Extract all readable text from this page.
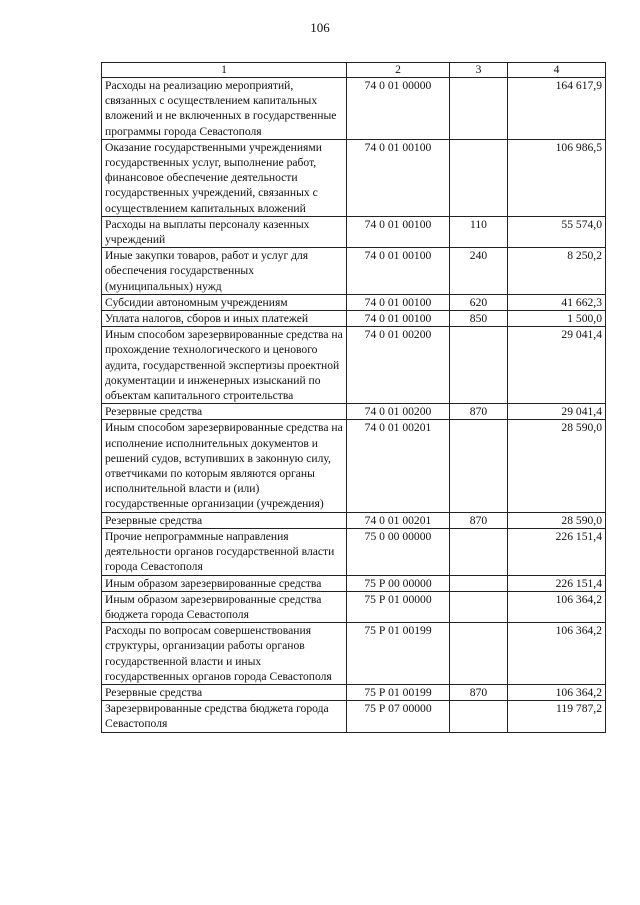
106
1	2	3	4
Расходы на реализацию мероприятий, связанных с осуществлением капитальных вложений и не включенных в государственные программы города Севастополя	74 0 01 00000		164 617,9
Оказание государственными учреждениями государственных услуг, выполнение работ, финансовое обеспечение деятельности государственных учреждений, связанных с осуществлением капитальных вложений	74 0 01 00100		106 986,5
Расходы на выплаты персоналу казенных учреждений	74 0 01 00100	110	55 574,0
Иные закупки товаров, работ и услуг для обеспечения государственных (муниципальных) нужд	74 0 01 00100	240	8 250,2
Субсидии автономным учреждениям	74 0 01 00100	620	41 662,3
Уплата налогов, сборов и иных платежей	74 0 01 00100	850	1 500,0
Иным способом зарезервированные средства на прохождение технологического и ценового аудита, государственной экспертизы проектной документации и инженерных изысканий по объектам капитального строительства	74 0 01 00200		29 041,4
Резервные средства	74 0 01 00200	870	29 041,4
Иным способом зарезервированные средства на исполнение исполнительных документов и решений судов, вступивших в законную силу, ответчиками по которым являются органы исполнительной власти и (или) государственные организации (учреждения)	74 0 01 00201		28 590,0
Резервные средства	74 0 01 00201	870	28 590,0
Прочие непрограммные направления деятельности органов государственной власти города Севастополя	75 0 00 00000		226 151,4
Иным образом зарезервированные средства	75 Р 00 00000		226 151,4
Иным образом зарезервированные средства бюджета города Севастополя	75 Р 01 00000		106 364,2
Расходы по вопросам совершенствования структуры, организации работы органов государственной власти и иных государственных органов города Севастополя	75 Р 01 00199		106 364,2
Резервные средства	75 Р 01 00199	870	106 364,2
Зарезервированные средства бюджета города Севастополя	75 Р 07 00000		119 787,2
